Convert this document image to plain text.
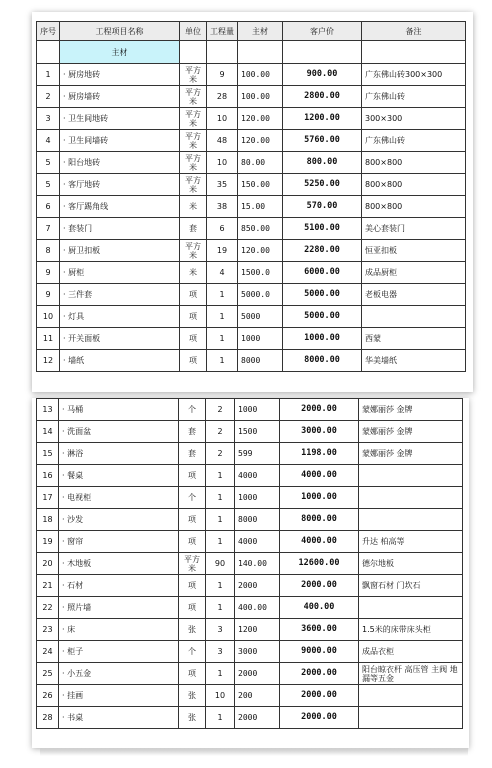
序号	工程项目名称	单位	工程量	主材	客户价	备注
	主材					
1	· 厨房地砖	平方米	9	100.00	900.00	广东佛山砖300×300
2	· 厨房墙砖	平方米	28	100.00	2800.00	广东佛山砖
3	· 卫生间地砖	平方米	10	120.00	1200.00	300×300
4	· 卫生间墙砖	平方米	48	120.00	5760.00	广东佛山砖
5	· 阳台地砖	平方米	10	80.00	800.00	800×800
5	· 客厅地砖	平方米	35	150.00	5250.00	800×800
6	· 客厅踢角线	米	38	15.00	570.00	800×800
7	· 套装门	套	6	850.00	5100.00	美心套装门
8	· 厨卫扣板	平方米	19	120.00	2280.00	恒亚扣板
9	· 厨柜	米	4	1500.0	6000.00	成品厨柜
9	· 三件套	项	1	5000.0	5000.00	老板电器
10	· 灯具	项	1	5000	5000.00	
11	· 开关面板	项	1	1000	1000.00	西蒙
12	· 墙纸	项	1	8000	8000.00	华美墙纸
13	· 马桶	个	2	1000	2000.00	蒙娜丽莎 金牌
14	· 洗面盆	套	2	1500	3000.00	蒙娜丽莎 金牌
15	· 淋浴	套	2	599	1198.00	蒙娜丽莎 金牌
16	· 餐桌	项	1	4000	4000.00	
17	· 电视柜	个	1	1000	1000.00	
18	· 沙发	项	1	8000	8000.00	
19	· 窗帘	项	1	4000	4000.00	升达 柏高等
20	· 木地板	平方米	90	140.00	12600.00	德尔地板
21	· 石材	项	1	2000	2000.00	飘窗石材 门坎石
22	· 照片墙	项	1	400.00	400.00	
23	· 床	张	3	1200	3600.00	1.5米的床带床头柜
24	· 柜子	个	3	3000	9000.00	成品衣柜
25	· 小五金	项	1	2000	2000.00	阳台晾衣杆 高压管 主阀 地漏等五金
26	· 挂画	张	10	200	2000.00	
28	· 书桌	张	1	2000	2000.00	
